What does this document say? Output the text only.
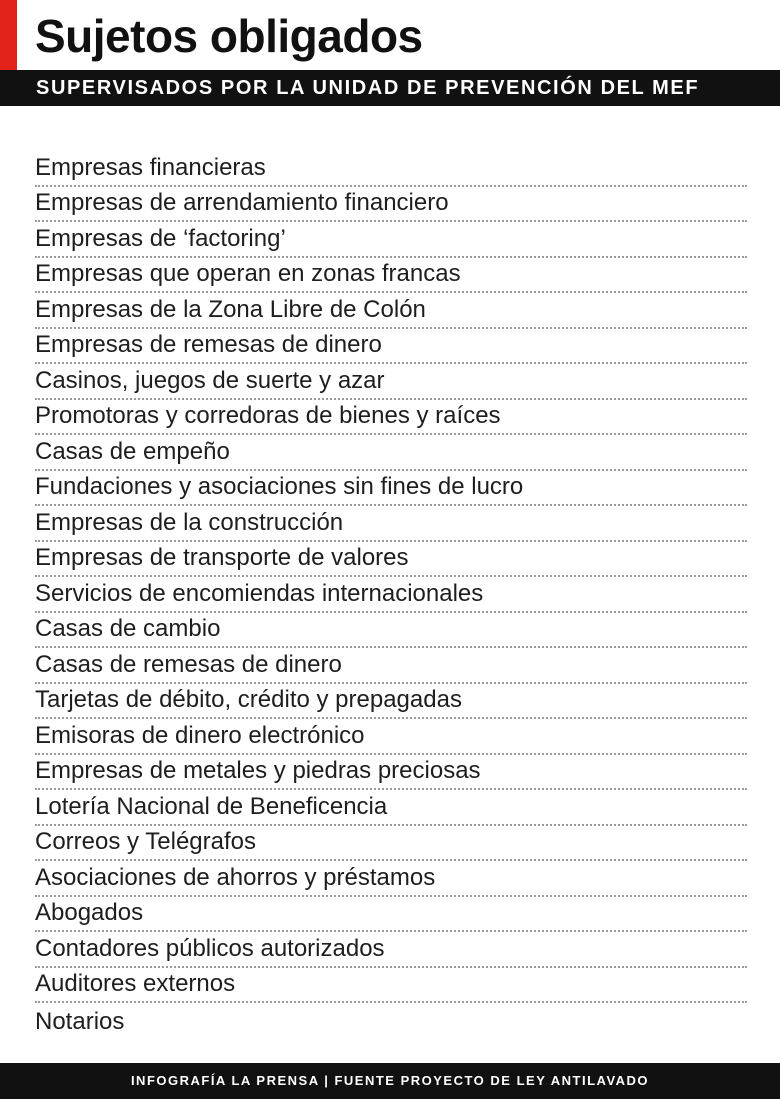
Sujetos obligados
SUPERVISADOS POR LA UNIDAD DE PREVENCIÓN DEL MEF
Empresas financieras
Empresas de arrendamiento financiero
Empresas de ‘factoring’
Empresas que operan en zonas francas
Empresas de la Zona Libre de Colón
Empresas de remesas de dinero
Casinos, juegos de suerte y azar
Promotoras y corredoras de bienes y raíces
Casas de empeño
Fundaciones y asociaciones sin fines de lucro
Empresas de la construcción
Empresas de transporte de valores
Servicios de encomiendas internacionales
Casas de cambio
Casas de remesas de dinero
Tarjetas de débito, crédito y prepagadas
Emisoras de dinero electrónico
Empresas de metales y piedras preciosas
Lotería Nacional de Beneficencia
Correos y Telégrafos
Asociaciones de ahorros y préstamos
Abogados
Contadores públicos autorizados
Auditores externos
Notarios
INFOGRAFÍA LA PRENSA | FUENTE PROYECTO DE LEY ANTILAVADO
